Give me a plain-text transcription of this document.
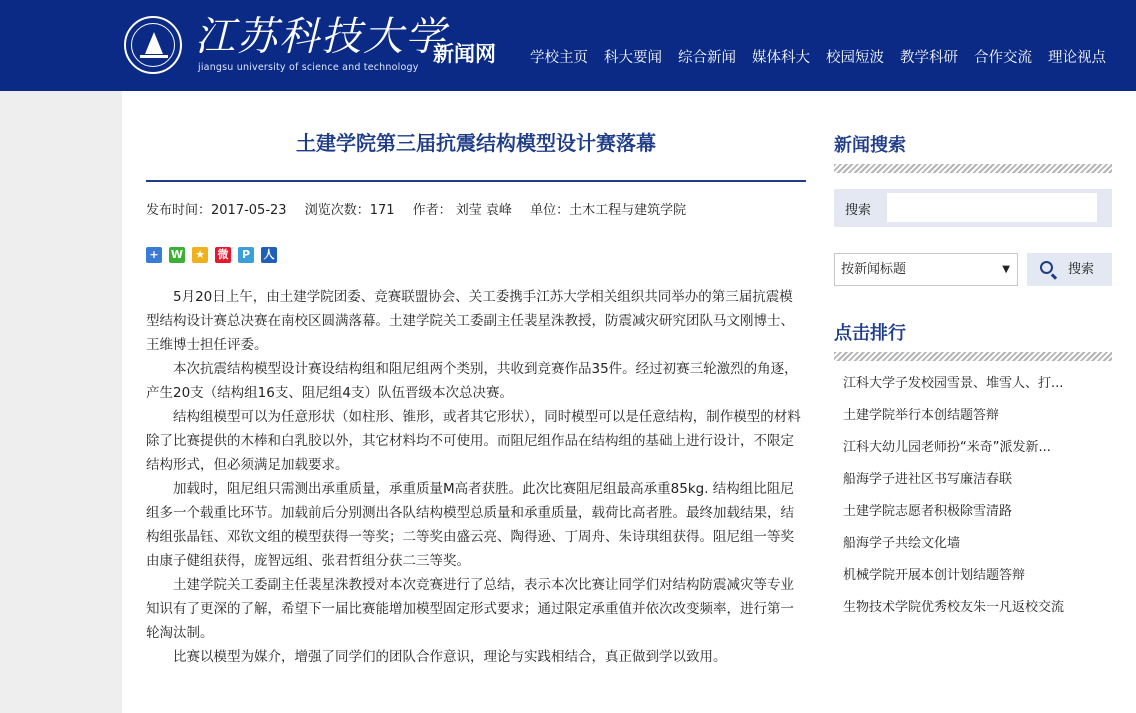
江苏科技大学
jiangsu university of science and technology
新闻网 学校主页 科大要闻 综合新闻 媒体科大 校园短波 教学科研 合作交流 理论视点
土建学院第三届抗震结构模型设计赛落幕
发布时间：2017-05-23 浏览次数：171 作者： 刘莹 袁峰 单位：土木工程与建筑学院
+	W ★ 微	P	人

5月20日上午，由土建学院团委、竞赛联盟协会、关工委携手江苏大学相关组织共同举办的第三届抗震模型结构设计赛总决赛在南校区圆满落幕。土建学院关工委副主任裴星洙教授，防震减灾研究团队马文刚博士、王维博士担任评委。

本次抗震结构模型设计赛设结构组和阻尼组两个类别，共收到竞赛作品35件。经过初赛三轮激烈的角逐，产生20支（结构组16支、阻尼组4支）队伍晋级本次总决赛。

结构组模型可以为任意形状（如柱形、锥形，或者其它形状），同时模型可以是任意结构，制作模型的材料除了比赛提供的木棒和白乳胶以外，其它材料均不可使用。而阻尼组作品在结构组的基础上进行设计，不限定结构形式，但必须满足加载要求。

加载时，阻尼组只需测出承重质量，承重质量M高者获胜。此次比赛阻尼组最高承重85kg. 结构组比阻尼组多一个载重比环节。加载前后分别测出各队结构模型总质量和承重质量，载荷比高者胜。最终加载结果，结构组张晶钰、邓钦文组的模型获得一等奖；二等奖由盛云亮、陶得逊、丁周舟、朱诗琪组获得。阻尼组一等奖由康子健组获得，庞智远组、张君哲组分获二三等奖。

土建学院关工委副主任裴星洙教授对本次竞赛进行了总结，表示本次比赛让同学们对结构防震减灾等专业知识有了更深的了解，希望下一届比赛能增加模型固定形式要求；通过限定承重值并依次改变频率，进行第一轮淘汰制。

比赛以模型为媒介，增强了同学们的团队合作意识，理论与实践相结合，真正做到学以致用。

新闻搜索
搜索
按新闻标题	▼	搜索
点击排行
江科大学子发校园雪景、堆雪人、打...
土建学院举行本创结题答辩
江科大幼儿园老师扮“米奇”派发新...
船海学子进社区书写廉洁春联
土建学院志愿者积极除雪清路
船海学子共绘文化墙
机械学院开展本创计划结题答辩
生物技术学院优秀校友朱一凡返校交流
